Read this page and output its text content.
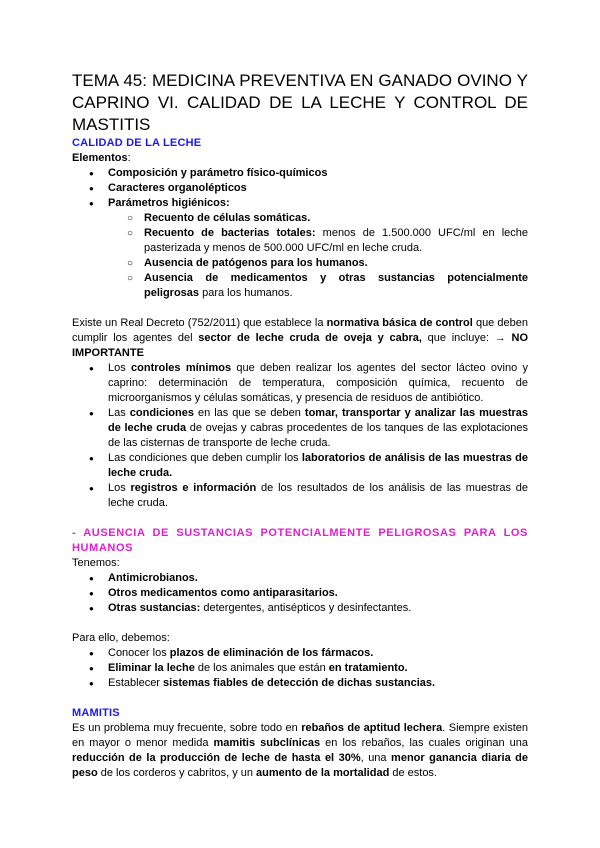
TEMA 45: MEDICINA PREVENTIVA EN GANADO OVINO Y CAPRINO VI. CALIDAD DE LA LECHE Y CONTROL DE MASTITIS
CALIDAD DE LA LECHE

Elementos:

● Composición y parámetro físico-químicos
● Caracteres organolépticos
● Parámetros higiénicos:
○ Recuento de células somáticas.
○ Recuento de bacterias totales: menos de 1.500.000 UFC/ml en leche pasterizada y menos de 500.000 UFC/ml en leche cruda.
○ Ausencia de patógenos para los humanos.
○ Ausencia de medicamentos y otras sustancias potencialmente peligrosas para los humanos.

Existe un Real Decreto (752/2011) que establece la normativa básica de control que deben cumplir los agentes del sector de leche cruda de oveja y cabra, que incluye: → NO IMPORTANTE

● Los controles mínimos que deben realizar los agentes del sector lácteo ovino y caprino: determinación de temperatura, composición química, recuento de microorganismos y células somáticas, y presencia de residuos de antibiótico.
● Las condiciones en las que se deben tomar, transportar y analizar las muestras de leche cruda de ovejas y cabras procedentes de los tanques de las explotaciones de las cisternas de transporte de leche cruda.
● Las condiciones que deben cumplir los laboratorios de análisis de las muestras de leche cruda.
● Los registros e información de los resultados de los análisis de las muestras de leche cruda.
- AUSENCIA DE SUSTANCIAS POTENCIALMENTE PELIGROSAS PARA LOS HUMANOS

Tenemos:

● Antimicrobianos.
● Otros medicamentos como antiparasitarios.
● Otras sustancias: detergentes, antisépticos y desinfectantes.

Para ello, debemos:

● Conocer los plazos de eliminación de los fármacos.
● Eliminar la leche de los animales que están en tratamiento.
● Establecer sistemas fiables de detección de dichas sustancias.
MAMITIS

Es un problema muy frecuente, sobre todo en rebaños de aptitud lechera. Siempre existen en mayor o menor medida mamitis subclínicas en los rebaños, las cuales originan una reducción de la producción de leche de hasta el 30%, una menor ganancia diaria de peso de los corderos y cabritos, y un aumento de la mortalidad de estos.
